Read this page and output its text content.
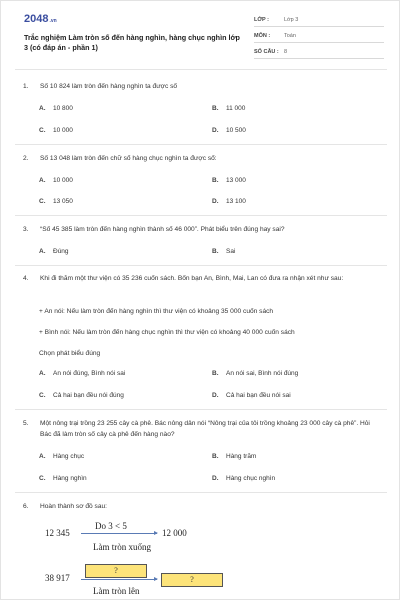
2048.vn
Trắc nghiệm Làm tròn số đến hàng nghìn, hàng chục nghìn lớp 3 (có đáp án - phần 1)
LỚP :	Lớp 3
MÔN :	Toán
SỐ CÂU : 8
1. Số 10 824 làm tròn đến hàng nghìn ta được số
A. 10 800	B. 11 000
C. 10 000	D. 10 500
2. Số 13 048 làm tròn đến chữ số hàng chục nghìn ta được số:
A. 10 000	B. 13 000
C. 13 050	D. 13 100
3. “Số 45 385 làm tròn đến hàng nghìn thành số 46 000”. Phát biểu trên đúng hay sai?
A. Đúng	B. Sai
4. Khi đi thăm một thư viện có 35 236 cuốn sách. Bốn bạn An, Bình, Mai, Lan có đưa ra nhận xét như sau:
+ An nói: Nếu làm tròn đến hàng nghìn thì thư viện có khoảng 35 000 cuốn sách
+ Bình nói: Nếu làm tròn đến hàng chục nghìn thì thư viện có khoảng 40 000 cuốn sách
Chọn phát biểu đúng
A. An nói đúng, Bình nói sai	B. An nói sai, Bình nói đúng
C. Cả hai bạn đều nói đúng	D. Cả hai bạn đều nói sai
5. Một nông trại trồng 23 255 cây cà phê. Bác nông dân nói “Nông trại của tôi trồng khoảng 23 000 cây cà phê”. Hỏi Bác đã làm tròn số cây cà phê đến hàng nào?
A. Hàng chục	B. Hàng trăm
C. Hàng nghìn	D. Hàng chục nghìn
6. Hoàn thành sơ đồ sau:
12 345
Do 3 < 5
12 000
Làm tròn xuống
?
38 917	?
Làm tròn lên
